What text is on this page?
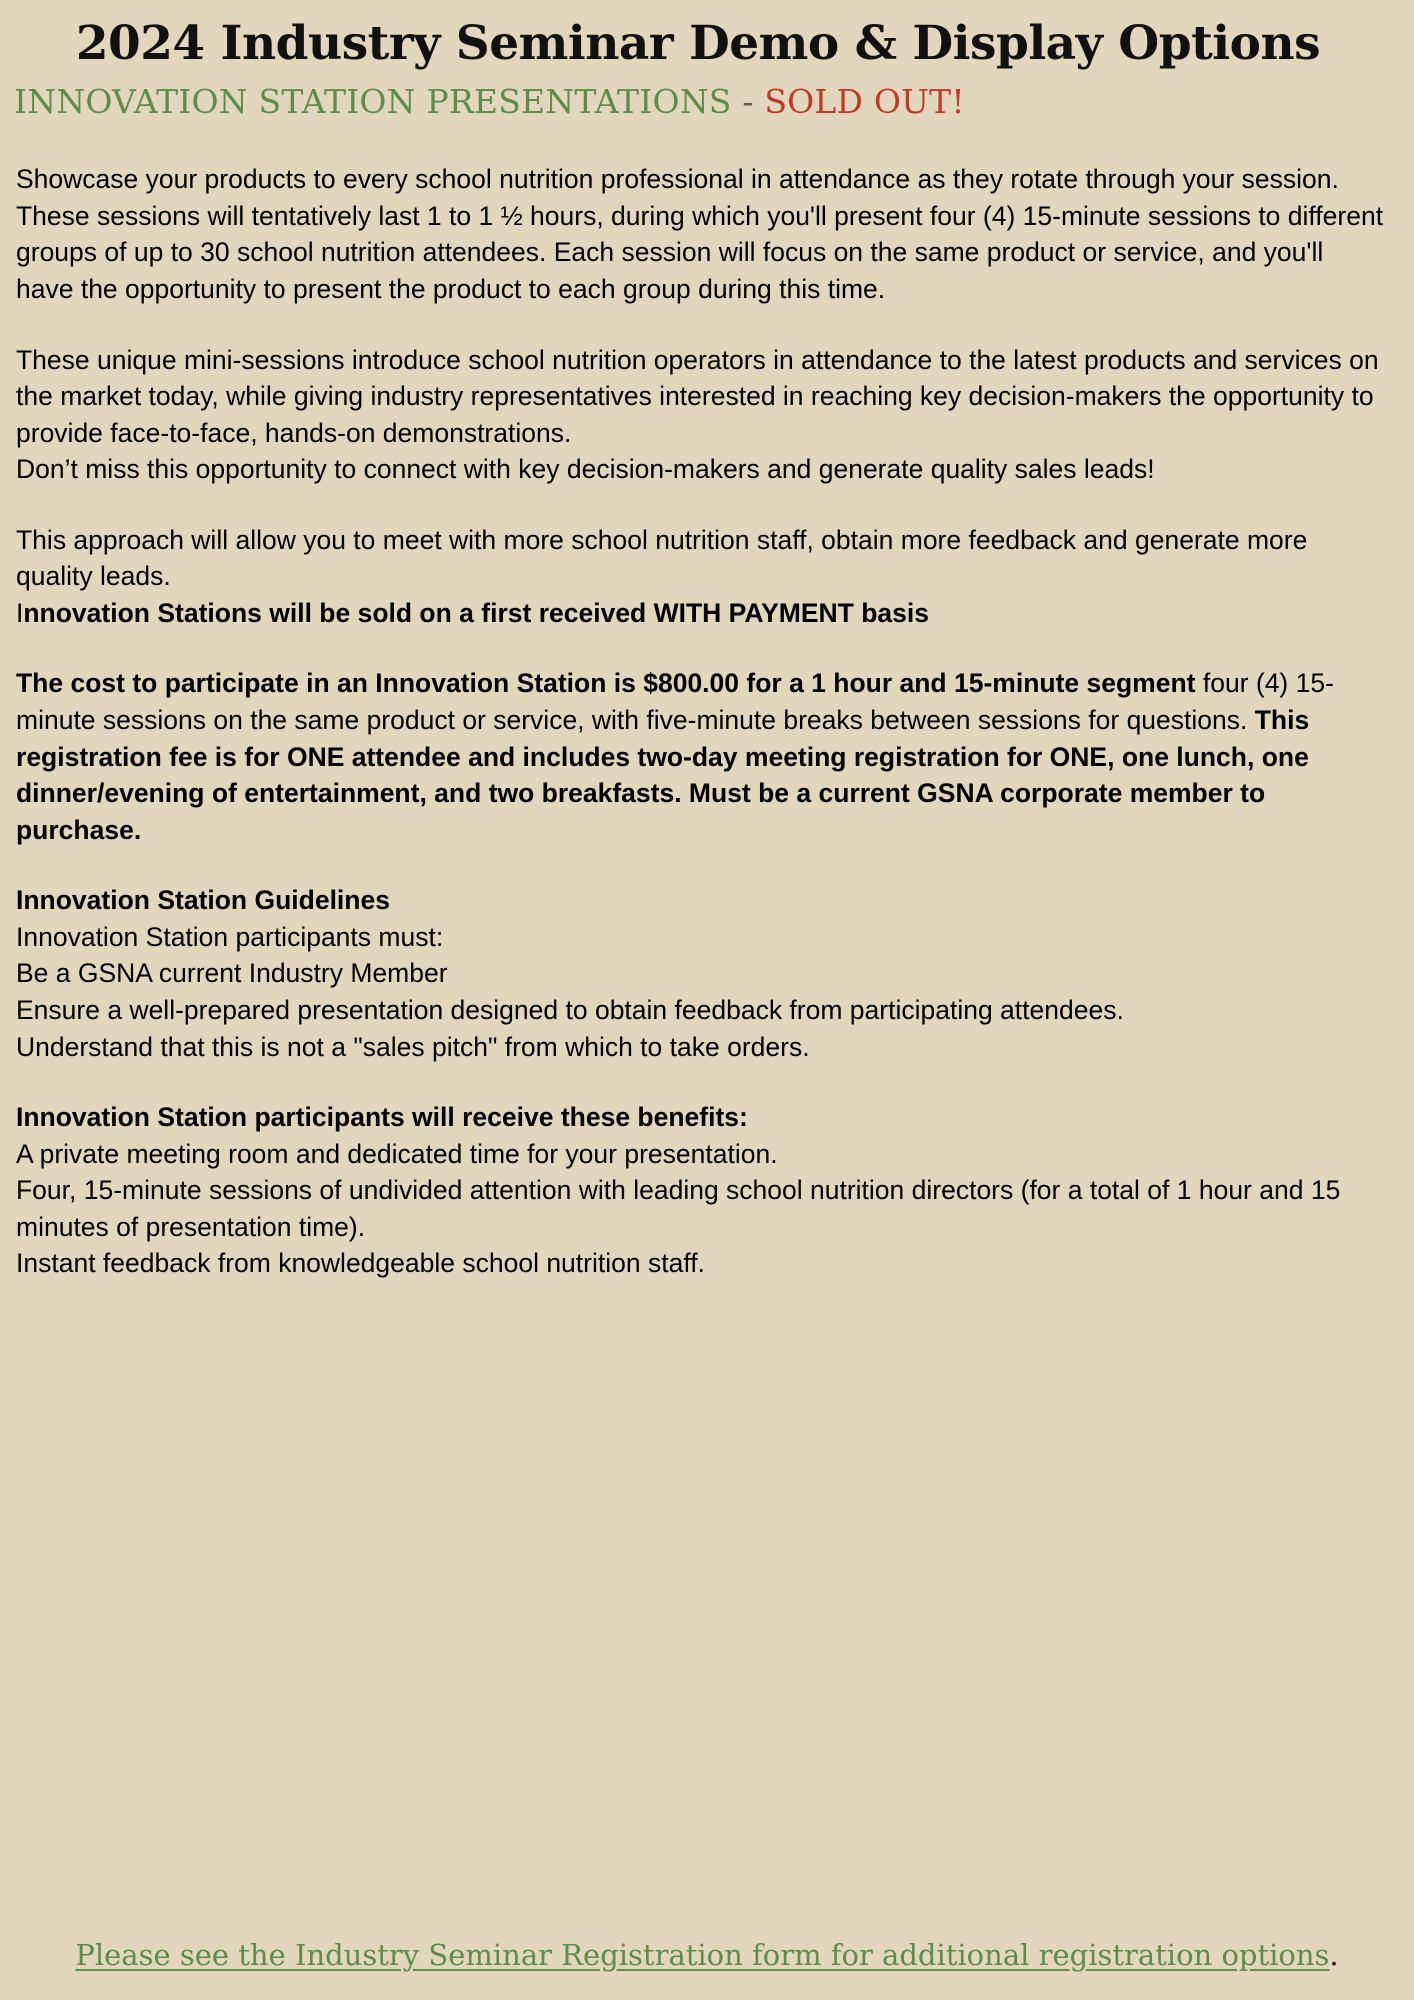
2024 Industry Seminar Demo & Display Options
INNOVATION STATION PRESENTATIONS - SOLD OUT!

Showcase your products to every school nutrition professional in attendance as they rotate through your session. These sessions will tentatively last 1 to 1 ½ hours, during which you'll present four (4) 15-minute sessions to different groups of up to 30 school nutrition attendees. Each session will focus on the same product or service, and you'll have the opportunity to present the product to each group during this time.

These unique mini-sessions introduce school nutrition operators in attendance to the latest products and services on the market today, while giving industry representatives interested in reaching key decision-makers the opportunity to provide face-to-face, hands-on demonstrations.

Don’t miss this opportunity to connect with key decision-makers and generate quality sales leads!

This approach will allow you to meet with more school nutrition staff, obtain more feedback and generate more quality leads.

Innovation Stations will be sold on a first received WITH PAYMENT basis

The cost to participate in an Innovation Station is $800.00 for a 1 hour and 15-minute segment four (4) 15-minute sessions on the same product or service, with five-minute breaks between sessions for questions. This registration fee is for ONE attendee and includes two-day meeting registration for ONE, one lunch, one dinner/evening of entertainment, and two breakfasts. Must be a current GSNA corporate member to purchase.

Innovation Station Guidelines

Innovation Station participants must:

Be a GSNA current Industry Member

Ensure a well-prepared presentation designed to obtain feedback from participating attendees.

Understand that this is not a "sales pitch" from which to take orders.

Innovation Station participants will receive these benefits:

A private meeting room and dedicated time for your presentation.

Four, 15-minute sessions of undivided attention with leading school nutrition directors (for a total of 1 hour and 15 minutes of presentation time).

Instant feedback from knowledgeable school nutrition staff.

Please see the Industry Seminar Registration form for additional registration options.
